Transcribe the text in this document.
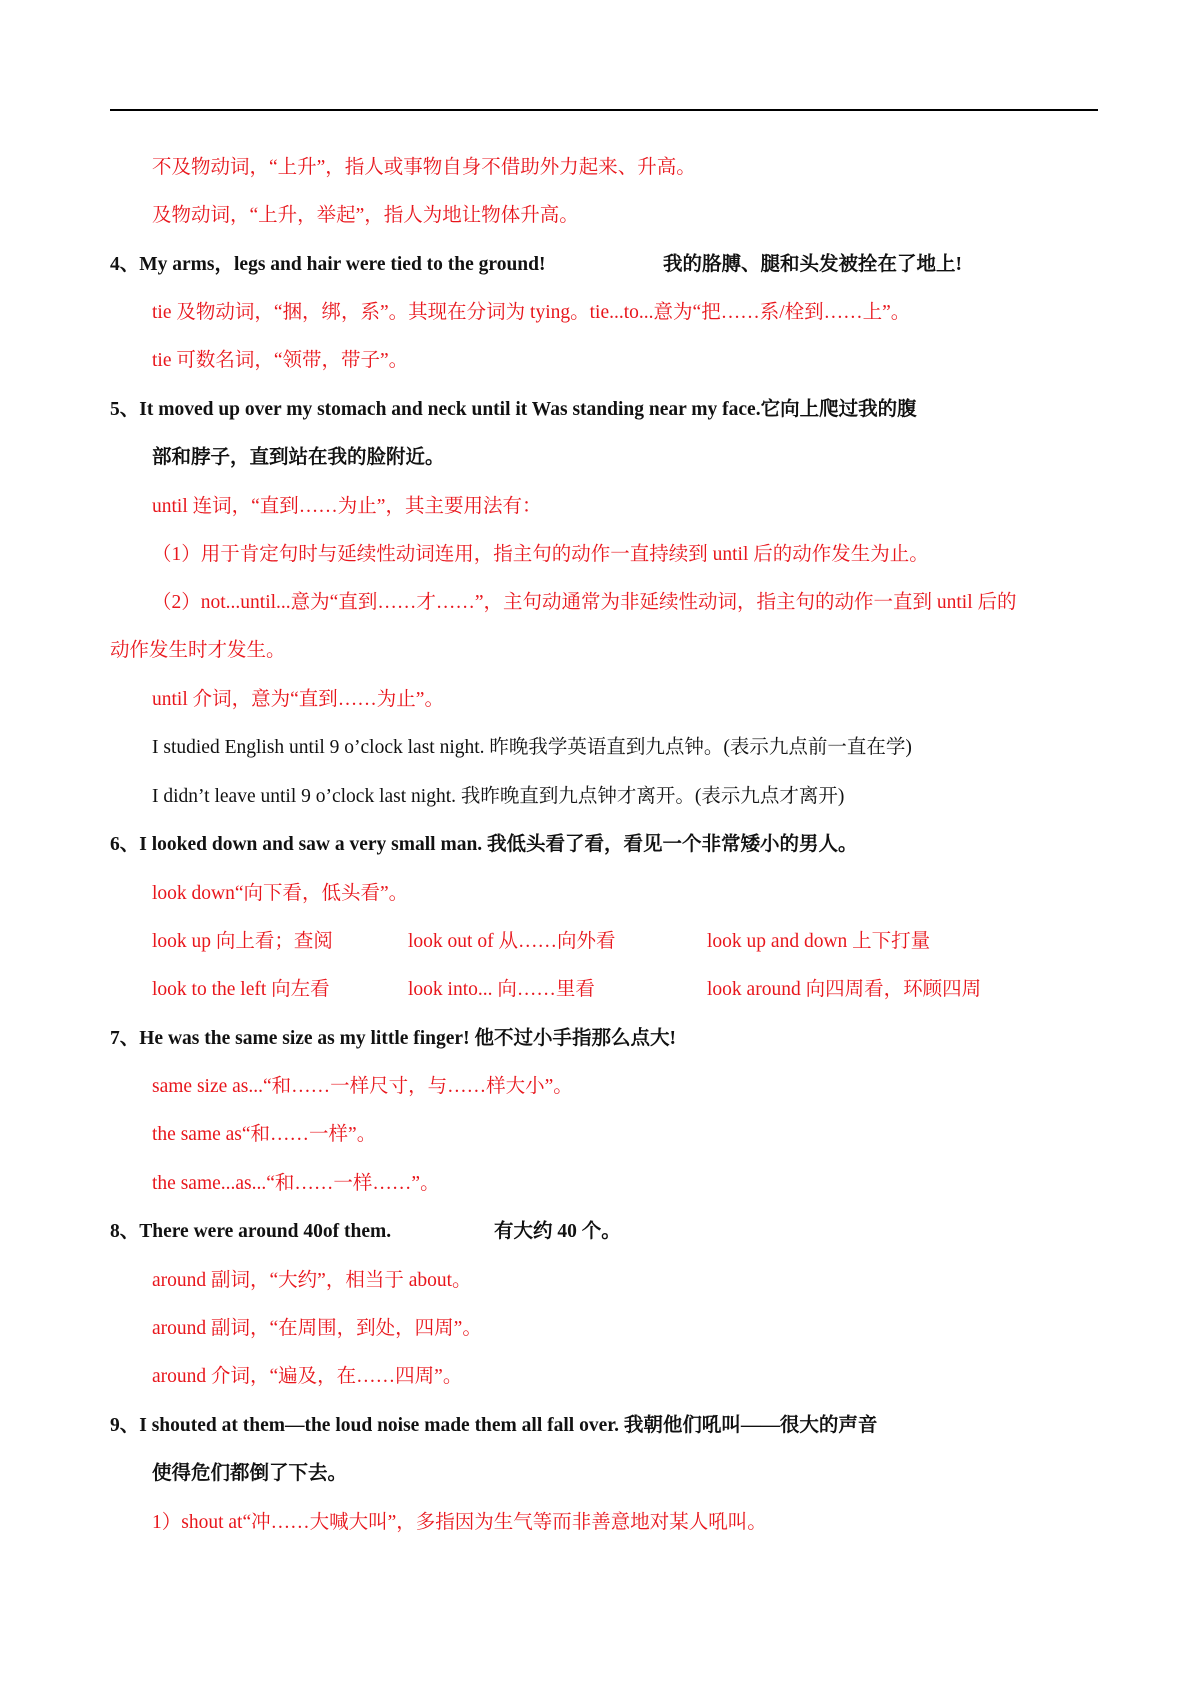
不及物动词，“上升”，指人或事物自身不借助外力起来、升高。

及物动词，“上升，举起”，指人为地让物体升高。

4、My arms，legs and hair were tied to the ground!	我的胳膊、腿和头发被拴在了地上!

tie 及物动词，“捆，绑，系”。其现在分词为 tying。tie...to...意为“把……系/栓到……上”。

tie 可数名词，“领带，带子”。

5、It moved up over my stomach and neck until it Was standing near my face.它向上爬过我的腹

部和脖子，直到站在我的脸附近。

until 连词，“直到……为止”，其主要用法有：

（1）用于肯定句时与延续性动词连用，指主句的动作一直持续到 until 后的动作发生为止。

（2）not...until...意为“直到……才……”，主句动通常为非延续性动词，指主句的动作一直到 until 后的

动作发生时才发生。

until 介词，意为“直到……为止”。

I studied English until 9 o’clock last night. 昨晚我学英语直到九点钟。(表示九点前一直在学)

I didn’t leave until 9 o’clock last night. 我昨晚直到九点钟才离开。(表示九点才离开)

6、I looked down and saw a very small man. 我低头看了看，看见一个非常矮小的男人。

look down“向下看，低头看”。

look up 向上看；查阅	look out of 从……向外看	look up and down 上下打量
look to the left 向左看	look into... 向……里看	look around 向四周看，环顾四周

7、He was the same size as my little finger! 他不过小手指那么点大!

same size as...“和……一样尺寸，与……样大小”。

the same as“和……一样”。

the same...as...“和……一样……”。

8、There were around 40of them.	有大约 40 个。

around 副词，“大约”，相当于 about。

around 副词，“在周围，到处，四周”。

around 介词，“遍及，在……四周”。

9、I shouted at them—the loud noise made them all fall over. 我朝他们吼叫——很大的声音

使得危们都倒了下去。

1）shout at“冲……大喊大叫”，多指因为生气等而非善意地对某人吼叫。
